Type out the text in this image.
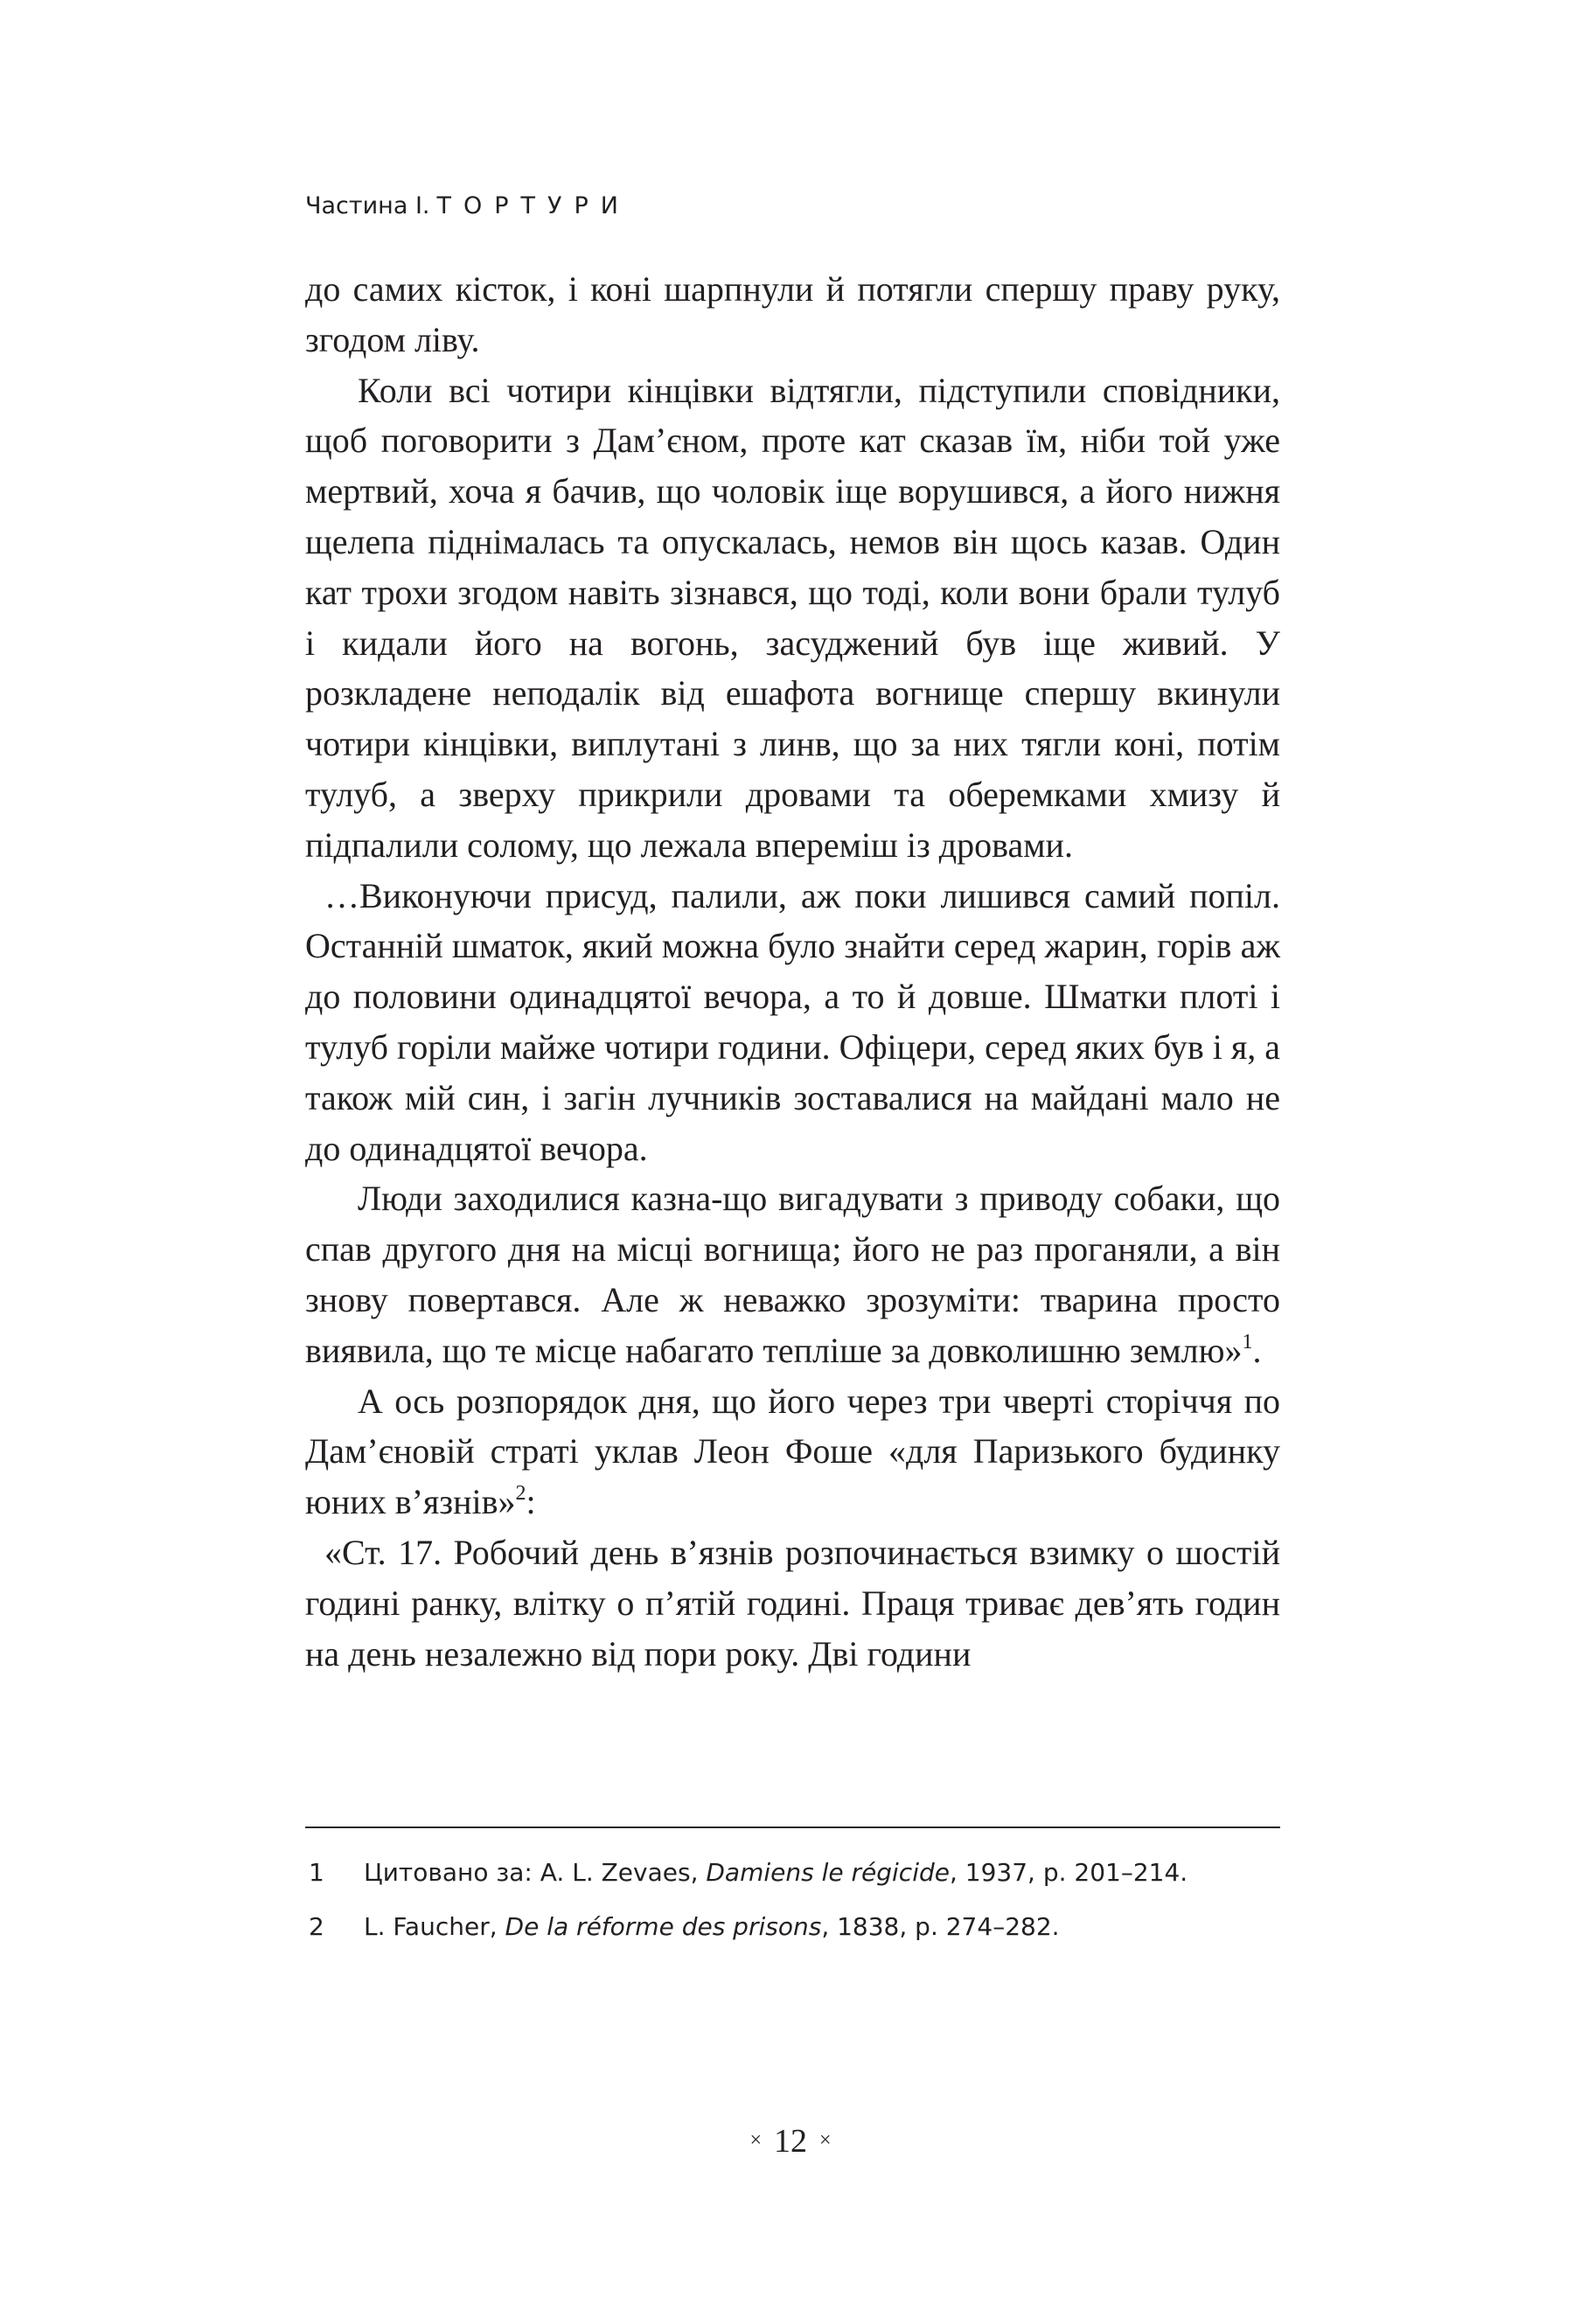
Частина I. ТОРТУРИ

до самих кісток, і коні шарпнули й потягли спершу праву руку, згодом ліву.

Коли всі чотири кінцівки відтягли, підступили сповідники, щоб поговорити з Дам’єном, проте кат сказав їм, ніби той уже мертвий, хоча я бачив, що чоловік іще ворушився, а його нижня щелепа піднімалась та опускалась, немов він щось казав. Один кат трохи згодом навіть зізнався, що тоді, коли вони брали тулуб і кидали його на вогонь, засуджений був іще живий. У розкладене неподалік від ешафота вогнище спершу вкинули чотири кінцівки, виплутані з линв, що за них тягли коні, потім тулуб, а зверху прикрили дровами та оберемками хмизу й підпалили солому, що лежала впереміш із дровами.

…Виконуючи присуд, палили, аж поки лишився самий попіл. Останній шматок, який можна було знайти серед жарин, горів аж до половини одинадцятої вечора, а то й довше. Шматки плоті і тулуб горіли майже чотири години. Офіцери, серед яких був і я, а також мій син, і загін лучників зоставалися на майдані мало не до одинадцятої вечора.

Люди заходилися казна-що вигадувати з приводу собаки, що спав другого дня на місці вогнища; його не раз проганяли, а він знову повертався. Але ж неважко зрозуміти: тварина просто виявила, що те місце набагато тепліше за довколишню землю»$^1$.

А ось розпорядок дня, що його через три чверті сторіччя по Дам’єновій страті уклав Леон Фоше «для Паризького будинку юних в’язнів»$^2$:

«Ст. 17. Робочий день в’язнів розпочинається взимку о шостій годині ранку, влітку о п’ятій годині. Праця триває дев’ять годин на день незалежно від пори року. Дві години

1 Цитовано за: A. L. Zevaes, Damiens le régicide, 1937, p. 201–214.
2 L. Faucher, De la réforme des prisons, 1838, p. 274–282.
× 12 ×
